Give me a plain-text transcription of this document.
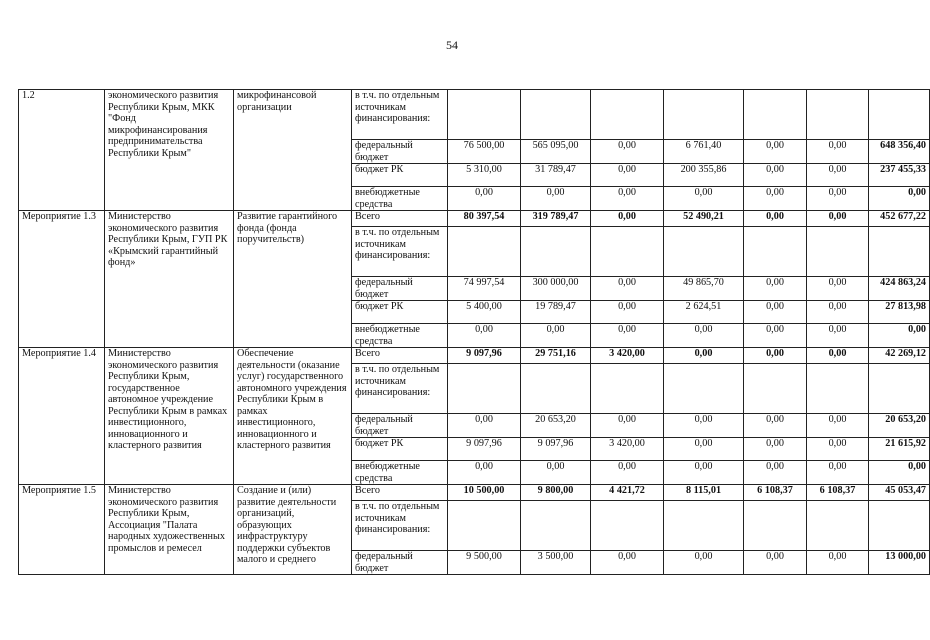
54
1.2	экономического развития Республики Крым, МКК "Фонд микрофинансирования предпринимательства Республики Крым"	микрофинансовой организации	в т.ч. по отдельным источникам финансирования:							
			федеральный бюджет	76 500,00	565 095,00	0,00	6 761,40	0,00	0,00	648 356,40
			бюджет РК	5 310,00	31 789,47	0,00	200 355,86	0,00	0,00	237 455,33
			внебюджетные средства	0,00	0,00	0,00	0,00	0,00	0,00	0,00
Мероприятие 1.3	Министерство экономического развития Республики Крым, ГУП РК «Крымский гарантийный фонд»	Развитие гарантийного фонда (фонда поручительств)	Всего	80 397,54	319 789,47	0,00	52 490,21	0,00	0,00	452 677,22
			в т.ч. по отдельным источникам финансирования:							
			федеральный бюджет	74 997,54	300 000,00	0,00	49 865,70	0,00	0,00	424 863,24
			бюджет РК	5 400,00	19 789,47	0,00	2 624,51	0,00	0,00	27 813,98
			внебюджетные средства	0,00	0,00	0,00	0,00	0,00	0,00	0,00
Мероприятие 1.4	Министерство экономического развития Республики Крым, государственное автономное учреждение Республики Крым в рамках инвестиционного, инновационного и кластерного развития	Обеспечение деятельности (оказание услуг) государственного автономного учреждения Республики Крым в рамках инвестиционного, инновационного и кластерного развития	Всего	9 097,96	29 751,16	3 420,00	0,00	0,00	0,00	42 269,12
			в т.ч. по отдельным источникам финансирования:							
			федеральный бюджет	0,00	20 653,20	0,00	0,00	0,00	0,00	20 653,20
			бюджет РК	9 097,96	9 097,96	3 420,00	0,00	0,00	0,00	21 615,92
			внебюджетные средства	0,00	0,00	0,00	0,00	0,00	0,00	0,00
Мероприятие 1.5	Министерство экономического развития Республики Крым, Ассоциация "Палата народных художественных промыслов и ремесел	Создание и (или) развитие деятельности организаций, образующих инфраструктуру поддержки субъектов малого и среднего	Всего	10 500,00	9 800,00	4 421,72	8 115,01	6 108,37	6 108,37	45 053,47
			в т.ч. по отдельным источникам финансирования:							
			федеральный бюджет	9 500,00	3 500,00	0,00	0,00	0,00	0,00	13 000,00
